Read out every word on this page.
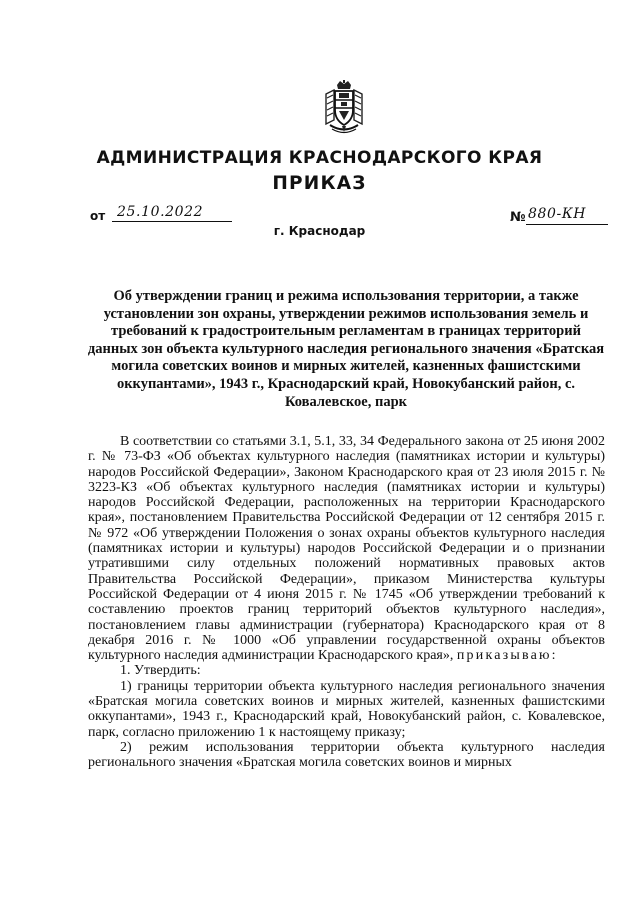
АДМИНИСТРАЦИЯ КРАСНОДАРСКОГО КРАЯ
ПРИКАЗ
от 25.10.2022
г. Краснодар
№ 880-КН
Об утверждении границ и режима использования территории, а также установлении зон охраны, утверждении режимов использования земель и требований к градостроительным регламентам в границах территорий данных зон объекта культурного наследия регионального значения «Братская могила советских воинов и мирных жителей, казненных фашистскими оккупантами», 1943 г., Краснодарский край, Новокубанский район, с. Ковалевское, парк

В соответствии со статьями 3.1, 5.1, 33, 34 Федерального закона от 25 июня 2002 г. № 73-ФЗ «Об объектах культурного наследия (памятниках истории и культуры) народов Российской Федерации», Законом Краснодарского края от 23 июля 2015 г. № 3223-КЗ «Об объектах культурного наследия (памятниках истории и культуры) народов Российской Федерации, расположенных на территории Краснодарского края», постановлением Правительства Российской Федерации от 12 сентября 2015 г. № 972 «Об утверждении Положения о зонах охраны объектов культурного наследия (памятниках истории и культуры) народов Российской Федерации и о признании утратившими силу отдельных положений нормативных правовых актов Правительства Российской Федерации», приказом Министерства культуры Российской Федерации от 4 июня 2015 г. № 1745 «Об утверждении требований к составлению проектов границ территорий объектов культурного наследия», постановлением главы администрации (губернатора) Краснодарского края от 8 декабря 2016 г. № 1000 «Об управлении государственной охраны объектов культурного наследия администрации Краснодарского края», приказываю:

1. Утвердить:

1) границы территории объекта культурного наследия регионального значения «Братская могила советских воинов и мирных жителей, казненных фашистскими оккупантами», 1943 г., Краснодарский край, Новокубанский район, с. Ковалевское, парк, согласно приложению 1 к настоящему приказу;

2) режим использования территории объекта культурного наследия регионального значения «Братская могила советских воинов и мирных
